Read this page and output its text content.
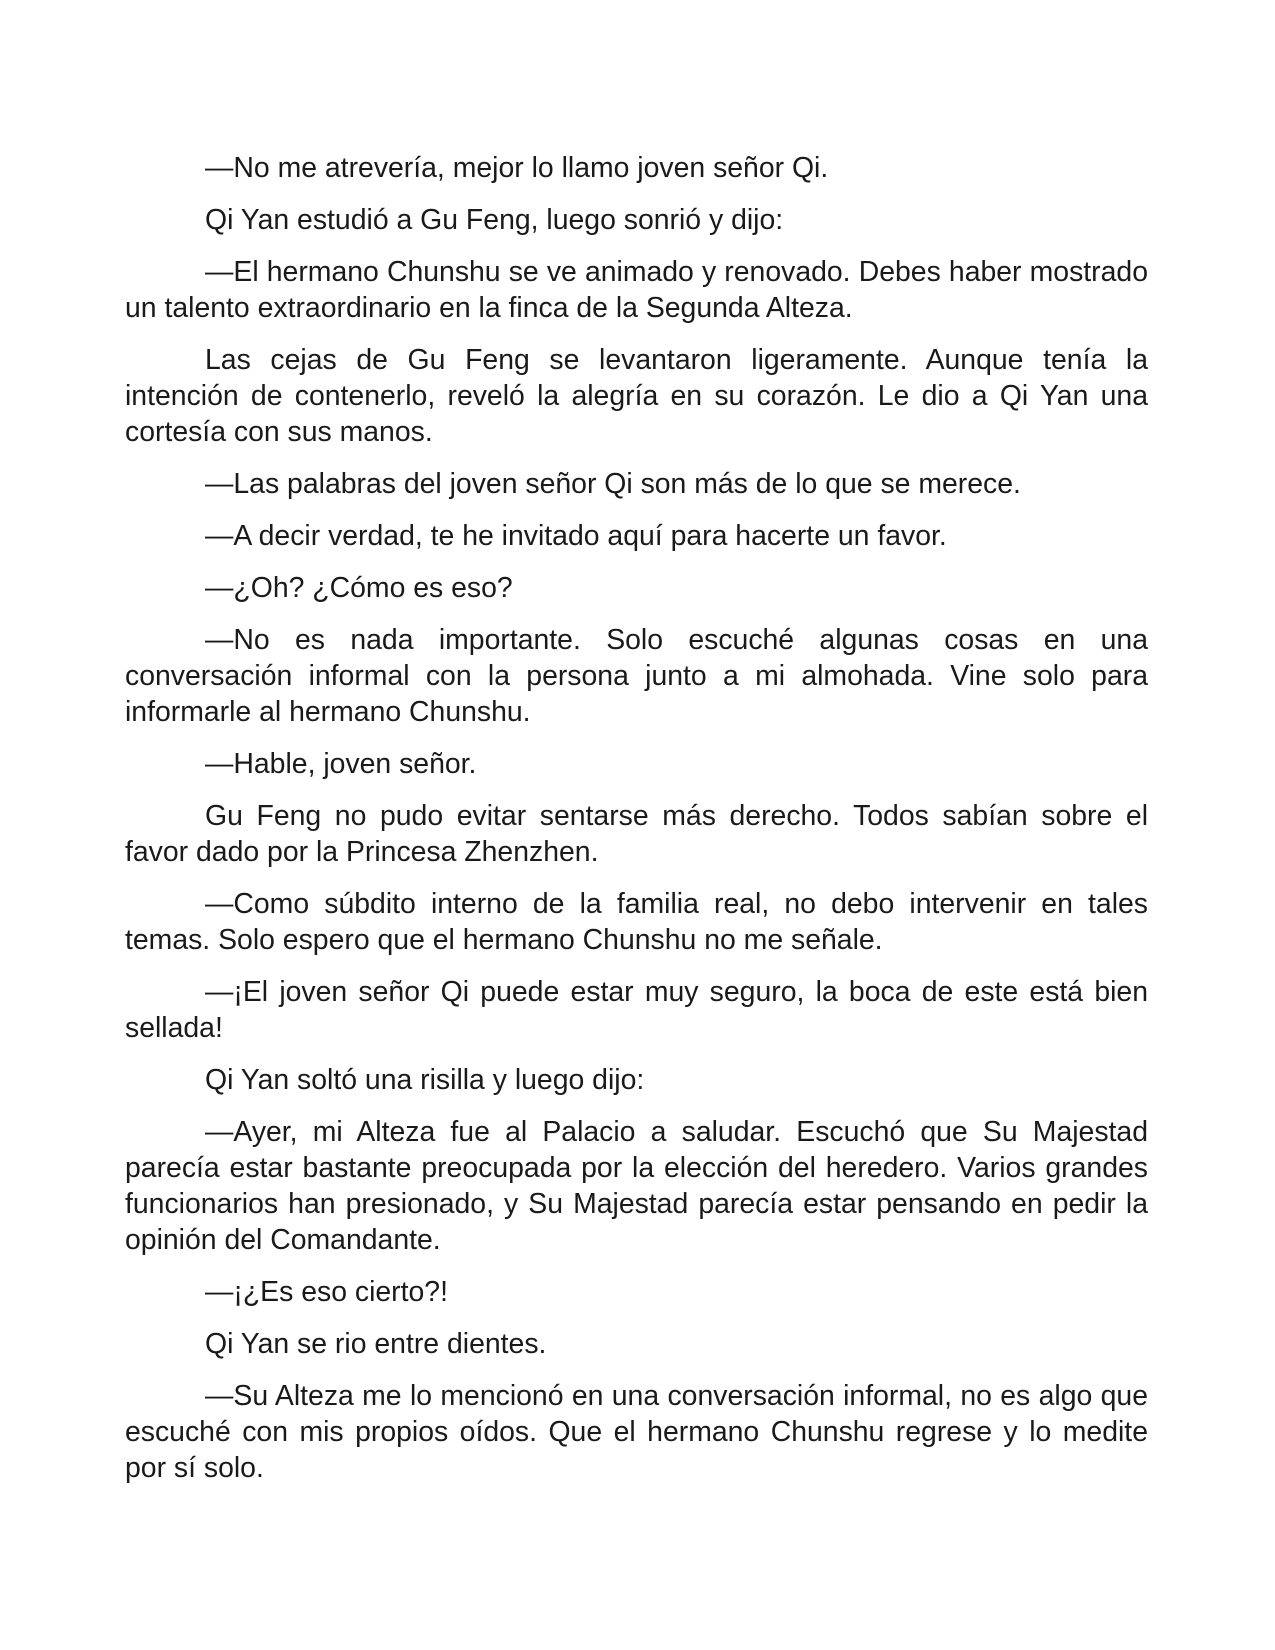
—No me atrevería, mejor lo llamo joven señor Qi.

Qi Yan estudió a Gu Feng, luego sonrió y dijo:

—El hermano Chunshu se ve animado y renovado. Debes haber mostrado un talento extraordinario en la finca de la Segunda Alteza.

Las cejas de Gu Feng se levantaron ligeramente. Aunque tenía la intención de contenerlo, reveló la alegría en su corazón. Le dio a Qi Yan una cortesía con sus manos.

—Las palabras del joven señor Qi son más de lo que se merece.

—A decir verdad, te he invitado aquí para hacerte un favor.

—¿Oh? ¿Cómo es eso?

—No es nada importante. Solo escuché algunas cosas en una conversación informal con la persona junto a mi almohada. Vine solo para informarle al hermano Chunshu.

—Hable, joven señor.

Gu Feng no pudo evitar sentarse más derecho. Todos sabían sobre el favor dado por la Princesa Zhenzhen.

—Como súbdito interno de la familia real, no debo intervenir en tales temas. Solo espero que el hermano Chunshu no me señale.

—¡El joven señor Qi puede estar muy seguro, la boca de este está bien sellada!

Qi Yan soltó una risilla y luego dijo:

—Ayer, mi Alteza fue al Palacio a saludar. Escuchó que Su Majestad parecía estar bastante preocupada por la elección del heredero. Varios grandes funcionarios han presionado, y Su Majestad parecía estar pensando en pedir la opinión del Comandante.

—¡¿Es eso cierto?!

Qi Yan se rio entre dientes.

—Su Alteza me lo mencionó en una conversación informal, no es algo que escuché con mis propios oídos. Que el hermano Chunshu regrese y lo medite por sí solo.
